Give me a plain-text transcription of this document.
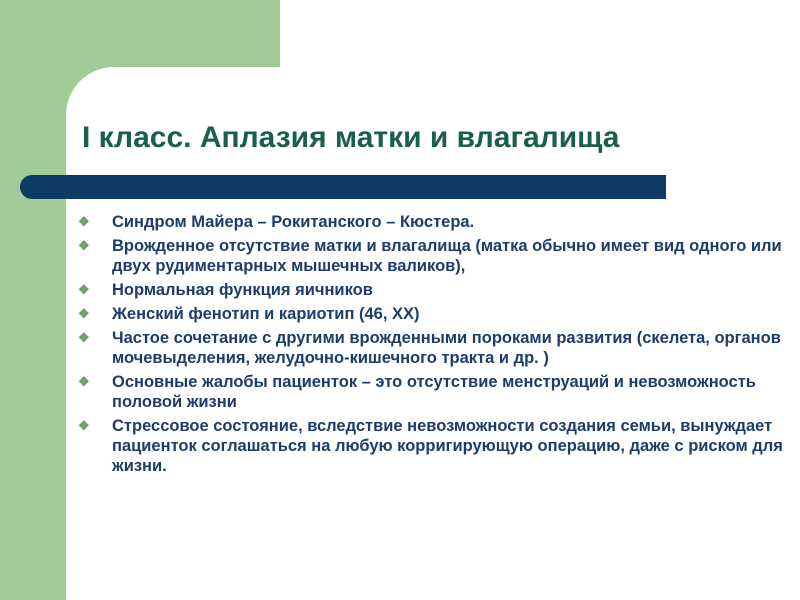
I класс. Аплазия матки и влагалища
❖ Синдром Майера – Рокитанского – Кюстера.
❖ Врожденное отсутствие матки и влагалища (матка обычно имеет вид одного или двух рудиментарных мышечных валиков),
❖ Нормальная функция яичников
❖ Женский фенотип и кариотип (46, XX)
❖ Частое сочетание с другими врожденными пороками развития (скелета, органов мочевыделения, желудочно-кишечного тракта и др. )
❖ Основные жалобы пациенток – это отсутствие менструаций и невозможность половой жизни
❖ Стрессовое состояние, вследствие невозможности создания семьи, вынуждает пациенток соглашаться на любую корригирующую операцию, даже с риском для жизни.
